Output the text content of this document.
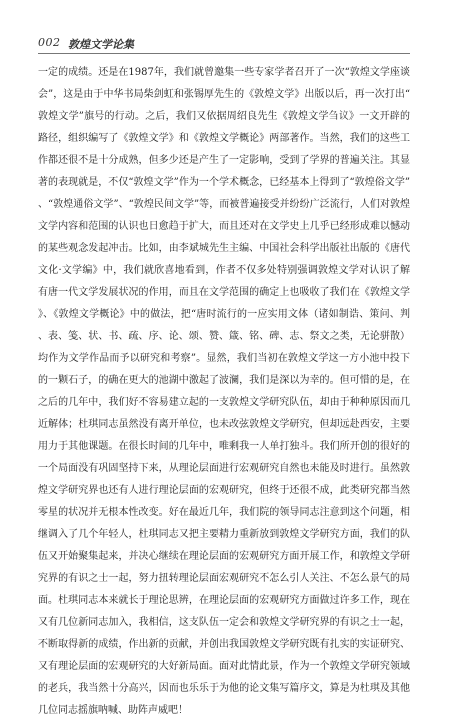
002 敦煌文学论集

一定的成绩。还是在1987年，我们就曾邀集一些专家学者召开了一次“敦煌文学座谈会”，这是由于中华书局柴剑虹和张锡厚先生的《敦煌文学》出版以后，再一次打出“敦煌文学”旗号的行动。之后，我们又依据周绍良先生《敦煌文学刍议》一文开辟的路径，组织编写了《敦煌文学》和《敦煌文学概论》两部著作。当然，我们的这些工作都还很不是十分成熟，但多少还是产生了一定影响，受到了学界的普遍关注。其显著的表现就是，不仅“敦煌文学”作为一个学术概念，已经基本上得到了“敦煌俗文学”、“敦煌通俗文学”、“敦煌民间文学”等，而被普遍接受并纷纷广泛流行，人们对敦煌文学内容和范围的认识也日愈趋于扩大，而且还对在文学史上几乎已经形成难以憾动的某些观念发起冲击。比如，由李斌城先生主编、中国社会科学出版社出版的《唐代文化·文学编》中，我们就欣喜地看到，作者不仅多处特别强调敦煌文学对认识了解有唐一代文学发展状况的作用，而且在文学范围的确定上也吸收了我们在《敦煌文学》、《敦煌文学概论》中的做法，把“唐时流行的一应实用文体（诸如制诰、策问、判、表、笺、状、书、疏、序、论、颂、赞、箴、铭、碑、志、祭文之类，无论骈散）均作为文学作品而予以研究和考察”。显然，我们当初在敦煌文学这一方小池中投下的一颗石子，的确在更大的池湖中激起了波澜，我们是深以为幸的。但可惜的是，在之后的几年中，我们好不容易建立起的一支敦煌文学研究队伍，却由于种种原因而几近解体；杜琪同志虽然没有离开单位，也未改弦敦煌文学研究，但却远赴西安，主要用力于其他课题。在很长时间的几年中，唯剩我一人单打独斗。我们所开创的很好的一个局面没有巩固坚持下来，从理论层面进行宏观研究自然也未能及时进行。虽然敦煌文学研究界也还有人进行理论层面的宏观研究，但终于还很不成，此类研究都当然零星的状况并无根本性改变。好在最近几年，我们院的领导同志注意到这个问题，相继调入了几个年轻人，杜琪同志又把主要精力重新放到敦煌文学研究方面，我们的队伍又开始聚集起来，并决心继续在理论层面的宏观研究方面开展工作，和敦煌文学研究界的有识之士一起，努力扭转理论层面宏观研究不怎么引人关注、不怎么景气的局面。杜琪同志本来就长于理论思辨，在理论层面的宏观研究方面做过许多工作，现在又有几位新同志加入，我相信，这支队伍一定会和敦煌文学研究界的有识之士一起，不断取得新的成绩，作出新的贡献，并创出我国敦煌文学研究既有扎实的实证研究、又有理论层面的宏观研究的大好新局面。面对此情此景，作为一个敦煌文学研究领域的老兵，我当然十分高兴，因而也乐乐于为他的论文集写篇序文，算是为杜琪及其他几位同志摇旗呐喊、助阵声威吧！
